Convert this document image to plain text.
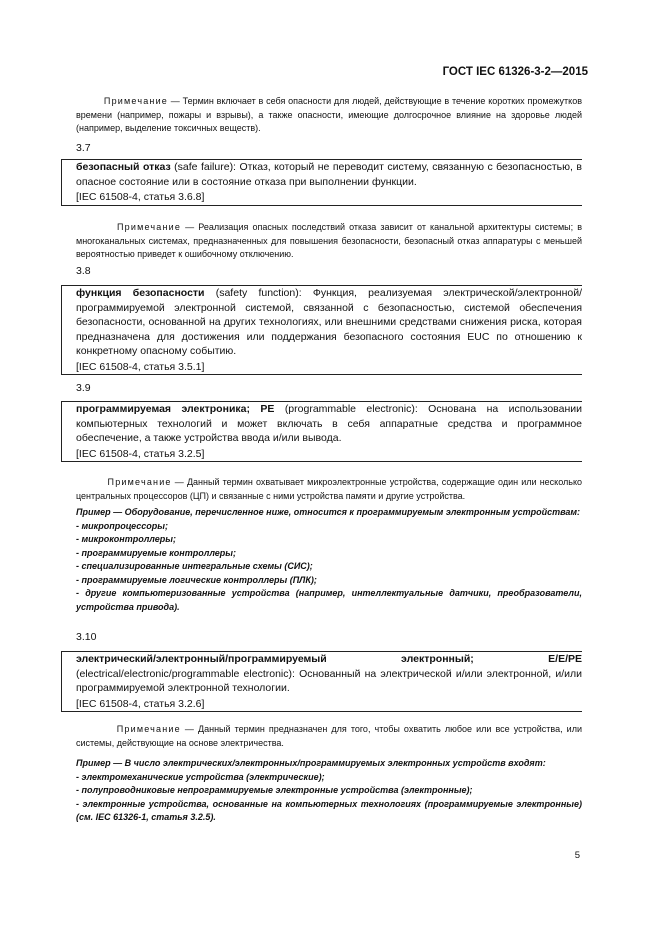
ГОСТ IEC 61326-3-2—2015
Примечание — Термин включает в себя опасности для людей, действующие в течение коротких промежутков времени (например, пожары и взрывы), а также опасности, имеющие долгосрочное влияние на здоровье людей (например, выделение токсичных веществ).
3.7

безопасный отказ (safe failure): Отказ, который не переводит систему, связанную с безопасностью, в опасное состояние или в состояние отказа при выполнении функции.

[IEC 61508-4, статья 3.6.8]

Примечание — Реализация опасных последствий отказа зависит от канальной архитектуры системы; в многоканальных системах, предназначенных для повышения безопасности, безопасный отказ аппаратуры с меньшей вероятностью приведет к ошибочному отключению.
3.8

функция безопасности (safety function): Функция, реализуемая электрической/электронной/программируемой электронной системой, связанной с безопасностью, системой обеспечения безопасности, основанной на других технологиях, или внешними средствами снижения риска, которая предназначена для достижения или поддержания безопасного состояния EUC по отношению к конкретному опасному событию.

[IEC 61508-4, статья 3.5.1]

3.9

программируемая электроника; PE (programmable electronic): Основана на использовании компьютерных технологий и может включать в себя аппаратные средства и программное обеспечение, а также устройства ввода и/или вывода.

[IEC 61508-4, статья 3.2.5]

Примечание — Данный термин охватывает микроэлектронные устройства, содержащие один или несколько центральных процессоров (ЦП) и связанные с ними устройства памяти и другие устройства.
Пример — Оборудование, перечисленное ниже, относится к программируемым электронным устройствам:
- микропроцессоры;
- микроконтроллеры;
- программируемые контроллеры;
- специализированные интегральные схемы (СИС);
- программируемые логические контроллеры (ПЛК);
- другие компьютеризованные устройства (например, интеллектуальные датчики, преобразователи, устройства привода).
3.10

электрический/электронный/программируемый электронный; E/E/PE (electrical/electronic/programmable electronic): Основанный на электрической и/или электронной, и/или программируемой электронной технологии.

[IEC 61508-4, статья 3.2.6]

Примечание — Данный термин предназначен для того, чтобы охватить любое или все устройства, или системы, действующие на основе электричества.
Пример — В число электрических/электронных/программируемых электронных устройств входят:
- электромеханические устройства (электрические);
- полупроводниковые непрограммируемые электронные устройства (электронные);
- электронные устройства, основанные на компьютерных технологиях (программируемые электронные) (см. IEC 61326-1, статья 3.2.5).
5
